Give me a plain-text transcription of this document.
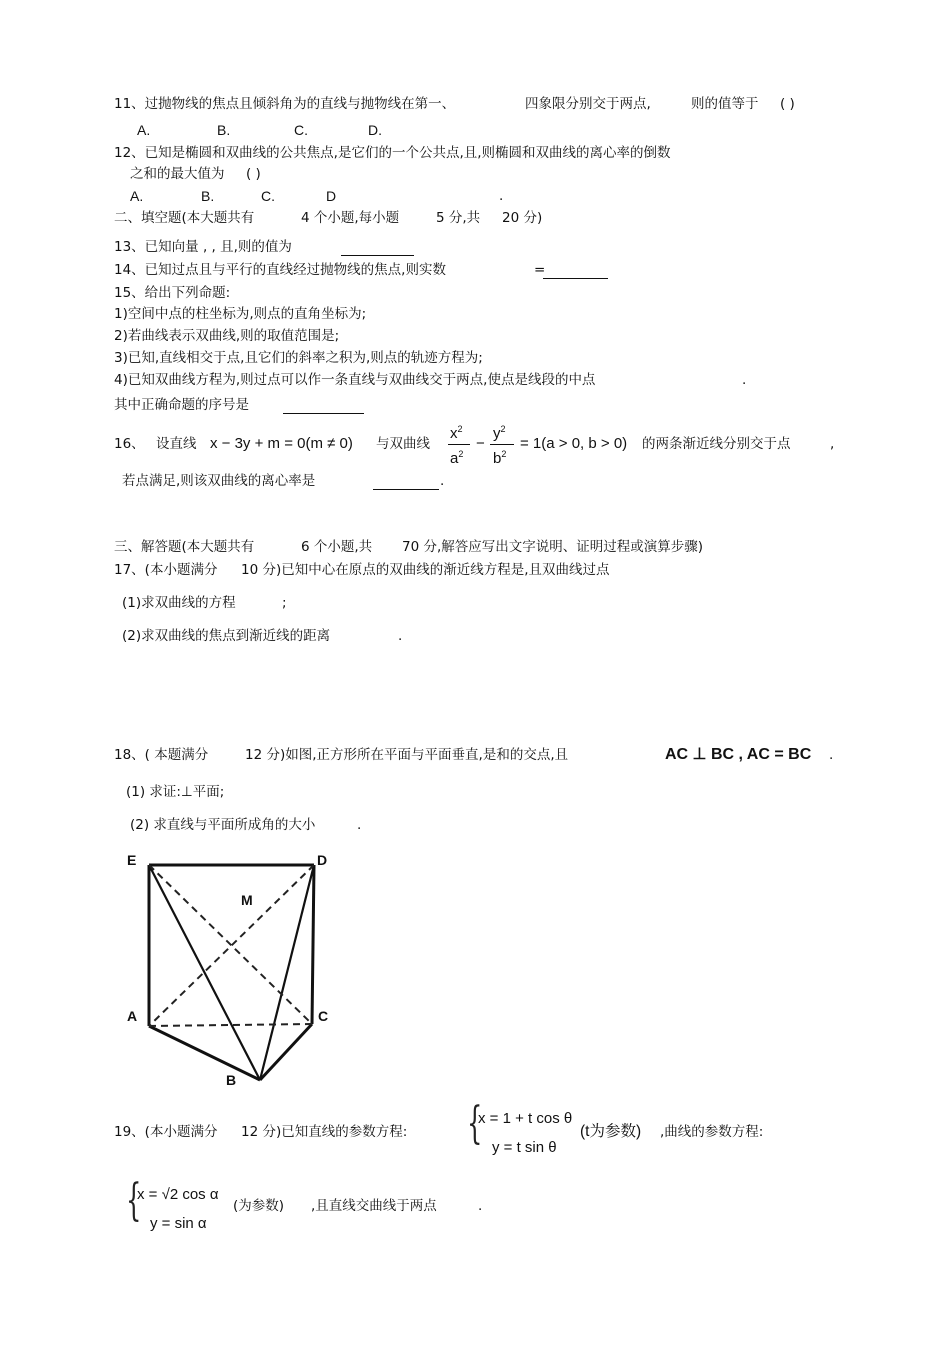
11、过抛物线的焦点且倾斜角为的直线与抛物线在第一、	四象限分别交于两点,	则的值等于 ( )
A.	B.	C.	D.
12、已知是椭圆和双曲线的公共焦点,是它们的一个公共点,且,则椭圆和双曲线的离心率的倒数
之和的最大值为 ( )
A.	B.	C.	D	.
二、填空题(本大题共有	4 个小题,每小题	5 分,共 20 分)
13、已知向量 , , 且,则的值为
14、已知过点且与平行的直线经过抛物线的焦点,则实数	=
15、给出下列命题:
1)空间中点的柱坐标为,则点的直角坐标为;
2)若曲线表示双曲线,则的取值范围是;
3)已知,直线相交于点,且它们的斜率之积为,则点的轨迹方程为;
4)已知双曲线方程为,则过点可以作一条直线与双曲线交于两点,使点是线段的中点	.
其中正确命题的序号是
16、 设直线 x − 3y + m = 0(m ≠ 0) 与双曲线
$x^2$
$a^2$
−
$y^2$
$b^2$
= 1(a > 0, b > 0) 的两条渐近线分别交于点	,
若点满足,则该双曲线的离心率是	.
三、解答题(本大题共有	6 个小题,共 70 分,解答应写出文字说明、证明过程或演算步骤)
17、(本小题满分 10 分)已知中心在原点的双曲线的渐近线方程是,且双曲线过点
(1)求双曲线的方程	;
(2)求双曲线的焦点到渐近线的距离	.
18、( 本题满分	12 分)如图,正方形所在平面与平面垂直,是和的交点,且	AC ⊥ BC , AC = BC .
(1) 求证:⊥平面;
(2) 求直线与平面所成角的大小	.
E	D
M
A	C
B
19、(本小题满分 12 分)已知直线的参数方程: {
x = 1 + t cos θ
y = t sin θ
(t为参数) ,曲线的参数方程:
{
x = √2 cos α
y = sin α
(为参数) ,且直线交曲线于两点	.
